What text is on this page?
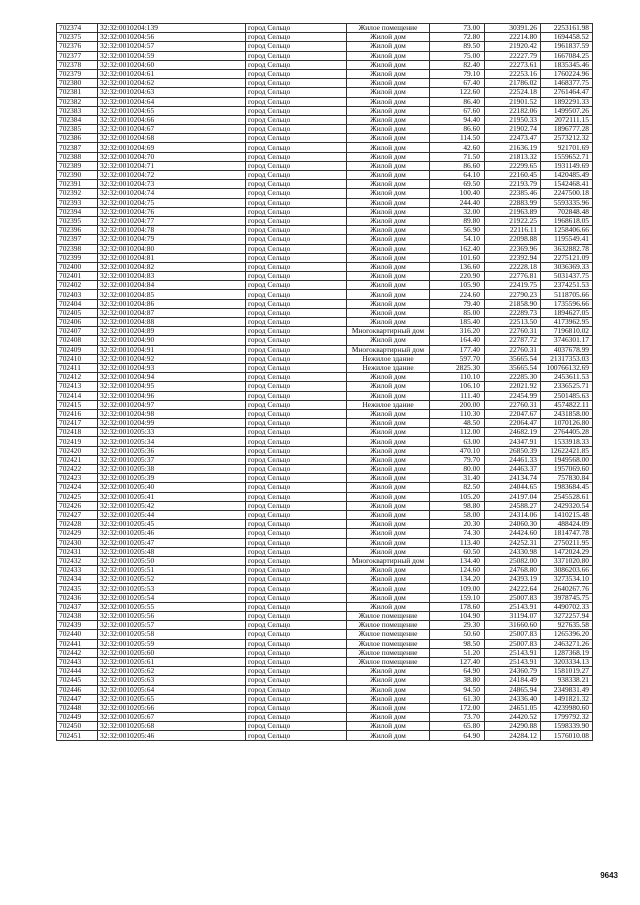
702374	32:32:0010204:139	город Сельцо	Жилое помещение	73.00	30391.26	2253161.98
702375	32:32:0010204:56	город Сельцо	Жилой дом	72.80	22214.80	1694458.52
702376	32:32:0010204:57	город Сельцо	Жилой дом	89.50	21920.42	1961837.59
702377	32:32:0010204:59	город Сельцо	Жилой дом	75.00	22227.79	1667084.25
702378	32:32:0010204:60	город Сельцо	Жилой дом	82.40	22273.61	1835345.46
702379	32:32:0010204:61	город Сельцо	Жилой дом	79.10	22253.16	1760224.96
702380	32:32:0010204:62	город Сельцо	Жилой дом	67.40	21786.02	1468377.75
702381	32:32:0010204:63	город Сельцо	Жилой дом	122.60	22524.18	2761464.47
702382	32:32:0010204:64	город Сельцо	Жилой дом	86.40	21901.52	1892291.33
702383	32:32:0010204:65	город Сельцо	Жилой дом	67.60	22182.06	1499507.26
702384	32:32:0010204:66	город Сельцо	Жилой дом	94.40	21950.33	2072111.15
702385	32:32:0010204:67	город Сельцо	Жилой дом	86.60	21902.74	1896777.28
702386	32:32:0010204:68	город Сельцо	Жилой дом	114.50	22473.47	2573212.32
702387	32:32:0010204:69	город Сельцо	Жилой дом	42.60	21636.19	921701.69
702388	32:32:0010204:70	город Сельцо	Жилой дом	71.50	21813.32	1559652.71
702389	32:32:0010204:71	город Сельцо	Жилой дом	86.60	22299.65	1931149.69
702390	32:32:0010204:72	город Сельцо	Жилой дом	64.10	22160.45	1420485.49
702391	32:32:0010204:73	город Сельцо	Жилой дом	69.50	22193.79	1542468.41
702392	32:32:0010204:74	город Сельцо	Жилой дом	100.40	22385.46	2247500.18
702393	32:32:0010204:75	город Сельцо	Жилой дом	244.40	22883.99	5593335.96
702394	32:32:0010204:76	город Сельцо	Жилой дом	32.00	21963.89	702848.48
702395	32:32:0010204:77	город Сельцо	Жилой дом	89.80	21922.25	1968618.05
702396	32:32:0010204:78	город Сельцо	Жилой дом	56.90	22116.11	1258406.66
702397	32:32:0010204:79	город Сельцо	Жилой дом	54.10	22098.88	1195549.41
702398	32:32:0010204:80	город Сельцо	Жилой дом	162.40	22369.96	3632882.78
702399	32:32:0010204:81	город Сельцо	Жилой дом	101.60	22392.94	2275121.09
702400	32:32:0010204:82	город Сельцо	Жилой дом	136.60	22228.18	3036369.33
702401	32:32:0010204:83	город Сельцо	Жилой дом	220.90	22776.81	5031437.75
702402	32:32:0010204:84	город Сельцо	Жилой дом	105.90	22419.75	2374251.53
702403	32:32:0010204:85	город Сельцо	Жилой дом	224.60	22790.23	5118705.66
702404	32:32:0010204:86	город Сельцо	Жилой дом	79.40	21858.90	1735596.66
702405	32:32:0010204:87	город Сельцо	Жилой дом	85.00	22289.73	1894627.05
702406	32:32:0010204:88	город Сельцо	Жилой дом	185.40	22513.50	4173962.95
702407	32:32:0010204:89	город Сельцо	Многоквартирный дом	316.20	22760.31	7196810.02
702408	32:32:0010204:90	город Сельцо	Жилой дом	164.40	22787.72	3746301.17
702409	32:32:0010204:91	город Сельцо	Многоквартирный дом	177.40	22760.31	4037678.99
702410	32:32:0010204:92	город Сельцо	Нежилое здание	597.70	35665.54	21317353.03
702411	32:32:0010204:93	город Сельцо	Нежилое здание	2825.30	35665.54	100766132.69
702412	32:32:0010204:94	город Сельцо	Жилой дом	110.10	22285.30	2453611.53
702413	32:32:0010204:95	город Сельцо	Жилой дом	106.10	22021.92	2336525.71
702414	32:32:0010204:96	город Сельцо	Жилой дом	111.40	22454.99	2501485.63
702415	32:32:0010204:97	город Сельцо	Нежилое здание	200.00	22760.31	4574822.11
702416	32:32:0010204:98	город Сельцо	Жилой дом	110.30	22047.67	2431858.00
702417	32:32:0010204:99	город Сельцо	Жилой дом	48.50	22064.47	1070126.80
702418	32:32:0010205:33	город Сельцо	Жилой дом	112.00	24682.19	2764405.28
702419	32:32:0010205:34	город Сельцо	Жилой дом	63.00	24347.91	1533918.33
702420	32:32:0010205:36	город Сельцо	Жилой дом	470.10	26850.39	12622421.85
702421	32:32:0010205:37	город Сельцо	Жилой дом	79.70	24461.33	1949568.00
702422	32:32:0010205:38	город Сельцо	Жилой дом	80.00	24463.37	1957069.60
702423	32:32:0010205:39	город Сельцо	Жилой дом	31.40	24134.74	757830.84
702424	32:32:0010205:40	город Сельцо	Жилой дом	82.50	24044.65	1983684.45
702425	32:32:0010205:41	город Сельцо	Жилой дом	105.20	24197.04	2545528.61
702426	32:32:0010205:42	город Сельцо	Жилой дом	98.80	24588.27	2429320.54
702427	32:32:0010205:44	город Сельцо	Жилой дом	58.00	24314.06	1410215.48
702428	32:32:0010205:45	город Сельцо	Жилой дом	20.30	24060.30	488424.09
702429	32:32:0010205:46	город Сельцо	Жилой дом	74.30	24424.60	1814747.78
702430	32:32:0010205:47	город Сельцо	Жилой дом	113.40	24252.31	2750211.95
702431	32:32:0010205:48	город Сельцо	Жилой дом	60.50	24330.98	1472024.29
702432	32:32:0010205:50	город Сельцо	Многоквартирный дом	134.40	25082.00	3371020.80
702433	32:32:0010205:51	город Сельцо	Жилой дом	124.60	24768.80	3086203.66
702434	32:32:0010205:52	город Сельцо	Жилой дом	134.20	24393.19	3273534.10
702435	32:32:0010205:53	город Сельцо	Жилой дом	109.00	24222.64	2640267.76
702436	32:32:0010205:54	город Сельцо	Жилой дом	159.10	25007.83	3978745.75
702437	32:32:0010205:55	город Сельцо	Жилой дом	178.60	25143.91	4490702.33
702438	32:32:0010205:56	город Сельцо	Жилое помещение	104.90	31194.07	3272257.94
702439	32:32:0010205:57	город Сельцо	Жилое помещение	29.30	31660.60	927635.58
702440	32:32:0010205:58	город Сельцо	Жилое помещение	50.60	25007.83	1265396.20
702441	32:32:0010205:59	город Сельцо	Жилое помещение	98.50	25007.83	2463271.26
702442	32:32:0010205:60	город Сельцо	Жилое помещение	51.20	25143.91	1287368.19
702443	32:32:0010205:61	город Сельцо	Жилое помещение	127.40	25143.91	3203334.13
702444	32:32:0010205:62	город Сельцо	Жилой дом	64.90	24360.79	1581019.27
702445	32:32:0010205:63	город Сельцо	Жилой дом	38.80	24184.49	938338.21
702446	32:32:0010205:64	город Сельцо	Жилой дом	94.50	24865.94	2349831.49
702447	32:32:0010205:65	город Сельцо	Жилой дом	61.30	24336.40	1491821.32
702448	32:32:0010205:66	город Сельцо	Жилой дом	172.00	24651.05	4239980.60
702449	32:32:0010205:67	город Сельцо	Жилой дом	73.70	24420.52	1799792.32
702450	32:32:0010205:68	город Сельцо	Жилой дом	65.80	24290.88	1598339.90
702451	32:32:0010205:46	город Сельцо	Жилой дом	64.90	24284.12	1576010.08
9643
